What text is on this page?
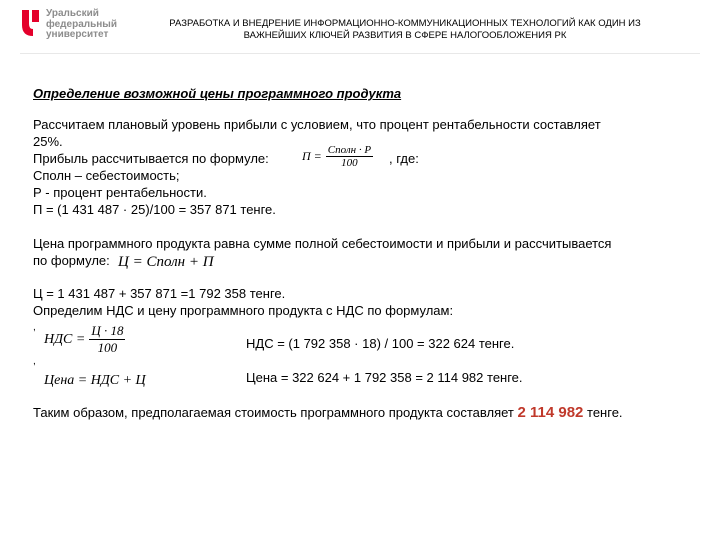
Уральский
федеральный
университет
РАЗРАБОТКА И ВНЕДРЕНИЕ ИНФОРМАЦИОННО-КОММУНИКАЦИОННЫХ ТЕХНОЛОГИЙ КАК ОДИН ИЗ
ВАЖНЕЙШИХ КЛЮЧЕЙ РАЗВИТИЯ В СФЕРЕ НАЛОГООБЛОЖЕНИЯ РК
Определение возможной цены программного продукта
Рассчитаем плановый уровень прибыли с условием, что процент рентабельности составляет
25%.
Прибыль рассчитывается по формуле:	$П = \frac{\text{Cполн · P}}{100}$ , где:
Сполн – себестоимость;
Р - процент рентабельности.
П = (1 431 487 · 25)/100 = 357 871 тенге.
Цена программного продукта равна сумме полной себестоимости и прибыли и рассчитывается
по формуле: Ц = Сполн + П
Ц = 1 431 487 + 357 871 =1 792 358 тенге.
Определим НДС и цену программного продукта с НДС по формулам:
,
НДС = $\frac{Ц \cdot 18}{100}$	НДС = (1 792 358 · 18) / 100 = 322 624 тенге.
,
Цена = НДС + Ц	Цена = 322 624 + 1 792 358 = 2 114 982 тенге.
Таким образом, предполагаемая стоимость программного продукта составляет 2 114 982 тенге.
